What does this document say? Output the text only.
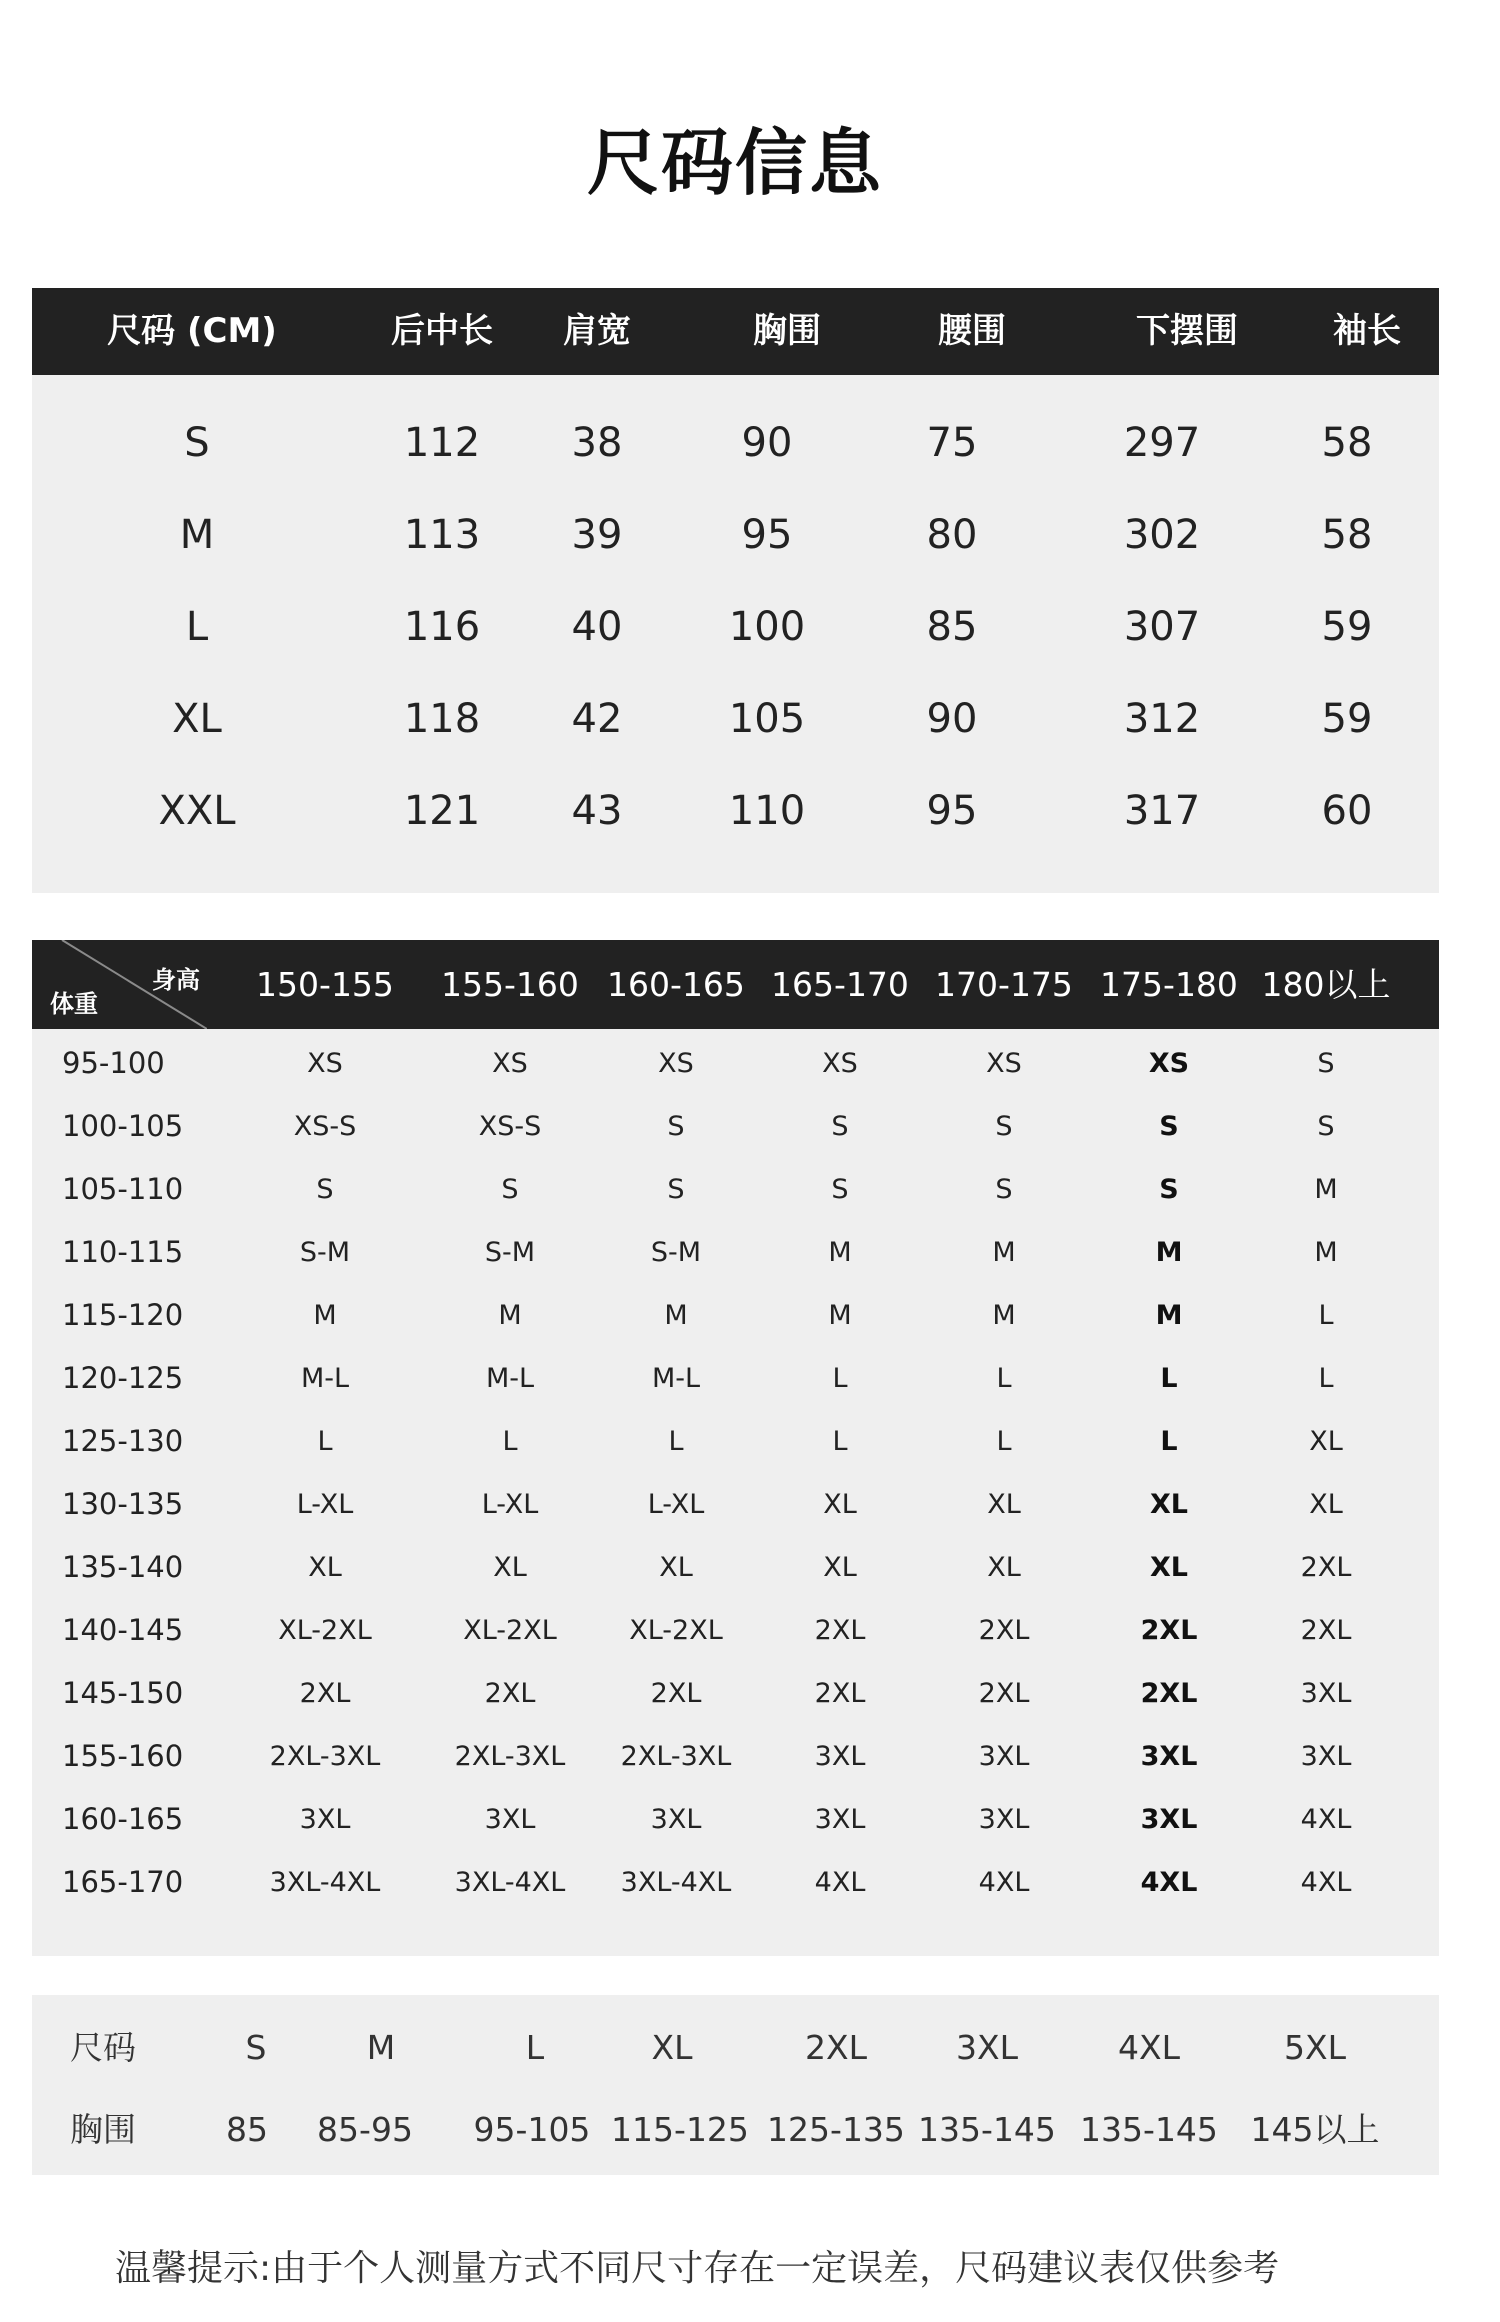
尺码信息
尺码 (CM)	后中长	肩宽	胸围	腰围	下摆围	袖长
S	112	38	90	75	297	58
M	113	39	95	80	302	58
L	116	40	100	85	307	59
XL	118	42	105	90	312	59
XXL	121	43	110	95	317	60
身高
体重	150-155	155-160 160-165 165-170 170-175 175-180 180以上
95-100	XS	XS	XS	XS	XS	XS	S
100-105	XS-S	XS-S	S	S	S	S	S
105-110	S	S	S	S	S	S	M
110-115	S-M	S-M	S-M	M	M	M	M
115-120	M	M	M	M	M	M	L
120-125	M-L	M-L	M-L	L	L	L	L
125-130	L	L	L	L	L	L	XL
130-135	L-XL	L-XL	L-XL	XL	XL	XL	XL
135-140	XL	XL	XL	XL	XL	XL	2XL
140-145	XL-2XL	XL-2XL	XL-2XL	2XL	2XL	2XL	2XL
145-150	2XL	2XL	2XL	2XL	2XL	2XL	3XL
155-160	2XL-3XL	2XL-3XL	2XL-3XL	3XL	3XL	3XL	3XL
160-165	3XL	3XL	3XL	3XL	3XL	3XL	4XL
165-170	3XL-4XL	3XL-4XL	3XL-4XL	4XL	4XL	4XL	4XL
尺码	S	M	L	XL	2XL	3XL	4XL	5XL
胸围	85	85-95	95-105 115-125 125-135 135-145 135-145 145以上
温馨提示:由于个人测量方式不同尺寸存在一定误差，尺码建议表仅供参考
